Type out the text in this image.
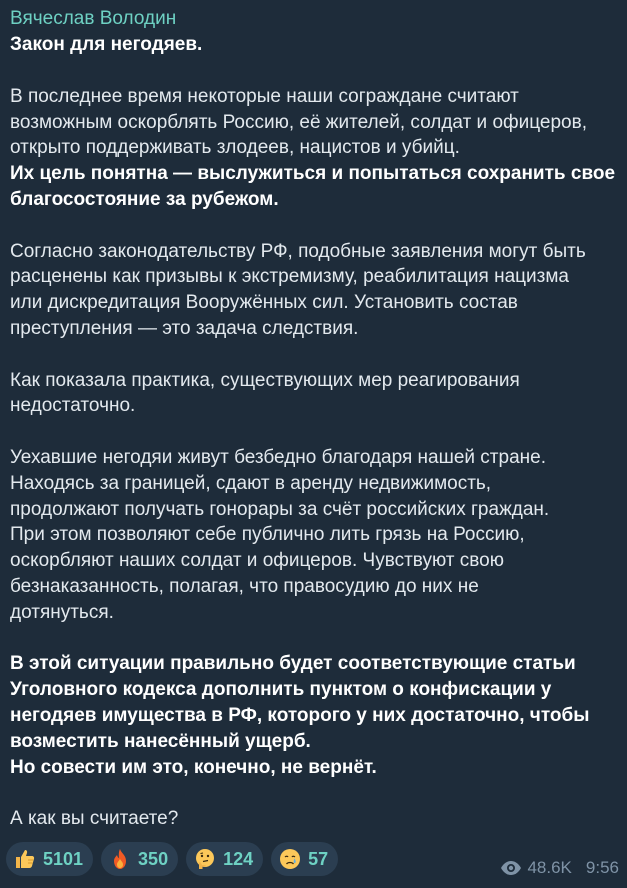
Вячеслав Володин
Закон для негодяев.
В последнее время некоторые наши сограждане считают
возможным оскорблять Россию, её жителей, солдат и офицеров,
открыто поддерживать злодеев, нацистов и убийц.
Их цель понятна — выслужиться и попытаться сохранить свое
благосостояние за рубежом.
Согласно законодательству РФ, подобные заявления могут быть
расценены как призывы к экстремизму, реабилитация нацизма
или дискредитация Вооружённых сил. Установить состав
преступления — это задача следствия.
Как показала практика, существующих мер реагирования
недостаточно.
Уехавшие негодяи живут безбедно благодаря нашей стране.
Находясь за границей, сдают в аренду недвижимость,
продолжают получать гонорары за счёт российских граждан.
При этом позволяют себе публично лить грязь на Россию,
оскорбляют наших солдат и офицеров. Чувствуют свою
безнаказанность, полагая, что правосудию до них не
дотянуться.
В этой ситуации правильно будет соответствующие статьи
Уголовного кодекса дополнить пунктом о конфискации у
негодяев имущества в РФ, которого у них достаточно, чтобы
возместить нанесённый ущерб.
Но совести им это, конечно, не вернёт.
А как вы считаете?
5101	350	124	57	48.6K 9:56
